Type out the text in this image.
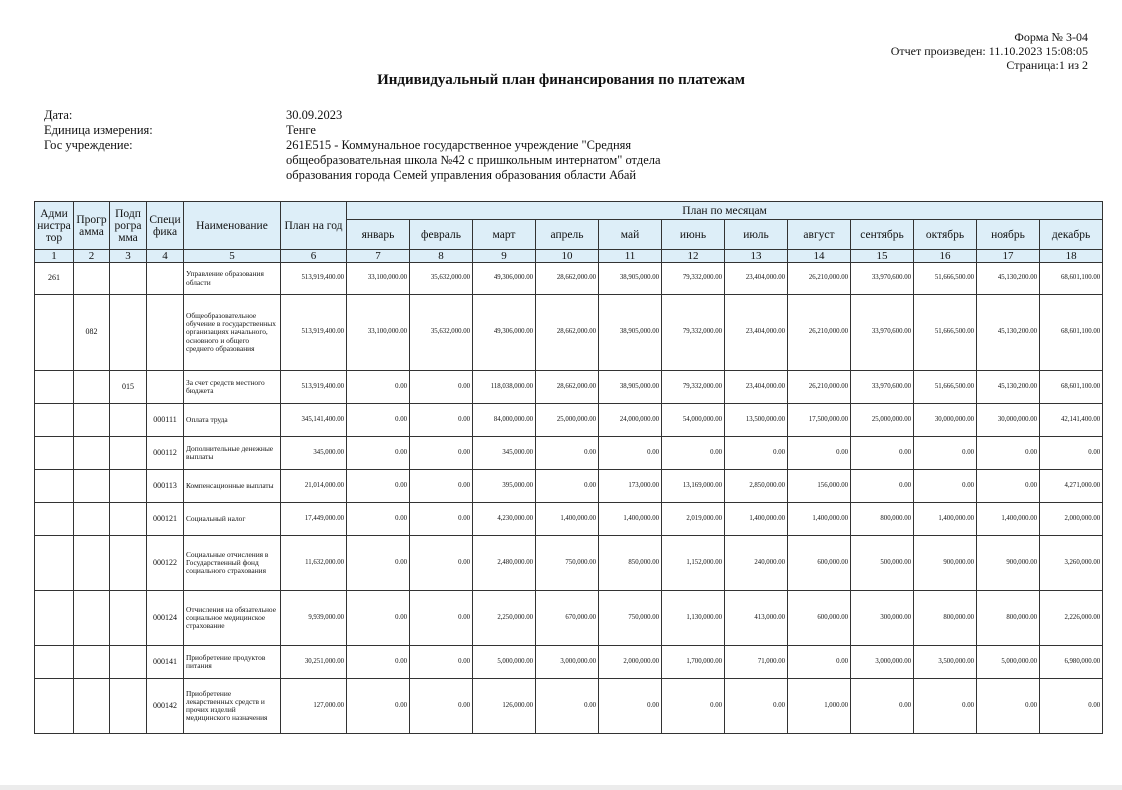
Форма № 3-04
Отчет произведен: 11.10.2023 15:08:05
Страница:1 из 2
Индивидуальный план финансирования по платежам
Дата:	30.09.2023
Единица измерения:	Тенге
Гос учреждение:	261E515 - Коммунальное государственное учреждение "Средняя общеобразовательная школа №42 с пришкольным интернатом" отдела образования города Семей управления образования области Абай
Адми нистра тор	Прогр амма	Подп рогра мма	Специ фика	Наименование	План на год	План по месяцам											
						январь	февраль	март	апрель	май	июнь	июль	август	сентябрь	октябрь	ноябрь	декабрь
1	2	3	4	5	6	7	8	9	10	11	12	13	14	15	16	17	18
261				Управление образования области	513,919,400.00	33,100,000.00	35,632,000.00	49,306,000.00	28,662,000.00	38,905,000.00	79,332,000.00	23,404,000.00	26,210,000.00	33,970,600.00	51,666,500.00	45,130,200.00	68,601,100.00
	082			Общеобразовательное обучение в государственных организациях начального, основного и общего среднего образования	513,919,400.00	33,100,000.00	35,632,000.00	49,306,000.00	28,662,000.00	38,905,000.00	79,332,000.00	23,404,000.00	26,210,000.00	33,970,600.00	51,666,500.00	45,130,200.00	68,601,100.00
		015		За счет средств местного бюджета	513,919,400.00	0.00	0.00	118,038,000.00	28,662,000.00	38,905,000.00	79,332,000.00	23,404,000.00	26,210,000.00	33,970,600.00	51,666,500.00	45,130,200.00	68,601,100.00
			000111	Оплата труда	345,141,400.00	0.00	0.00	84,000,000.00	25,000,000.00	24,000,000.00	54,000,000.00	13,500,000.00	17,500,000.00	25,000,000.00	30,000,000.00	30,000,000.00	42,141,400.00
			000112	Дополнительные денежные выплаты	345,000.00	0.00	0.00	345,000.00	0.00	0.00	0.00	0.00	0.00	0.00	0.00	0.00	0.00
			000113	Компенсационные выплаты	21,014,000.00	0.00	0.00	395,000.00	0.00	173,000.00	13,169,000.00	2,850,000.00	156,000.00	0.00	0.00	0.00	4,271,000.00
			000121	Социальный налог	17,449,000.00	0.00	0.00	4,230,000.00	1,400,000.00	1,400,000.00	2,019,000.00	1,400,000.00	1,400,000.00	800,000.00	1,400,000.00	1,400,000.00	2,000,000.00
			000122	Социальные отчисления в Государственный фонд социального страхования	11,632,000.00	0.00	0.00	2,480,000.00	750,000.00	850,000.00	1,152,000.00	240,000.00	600,000.00	500,000.00	900,000.00	900,000.00	3,260,000.00
			000124	Отчисления на обязательное социальное медицинское страхование	9,939,000.00	0.00	0.00	2,250,000.00	670,000.00	750,000.00	1,130,000.00	413,000.00	600,000.00	300,000.00	800,000.00	800,000.00	2,226,000.00
			000141	Приобретение продуктов питания	30,251,000.00	0.00	0.00	5,000,000.00	3,000,000.00	2,000,000.00	1,700,000.00	71,000.00	0.00	3,000,000.00	3,500,000.00	5,000,000.00	6,980,000.00
			000142	Приобретение лекарственных средств и прочих изделий медицинского назначения	127,000.00	0.00	0.00	126,000.00	0.00	0.00	0.00	0.00	1,000.00	0.00	0.00	0.00	0.00
